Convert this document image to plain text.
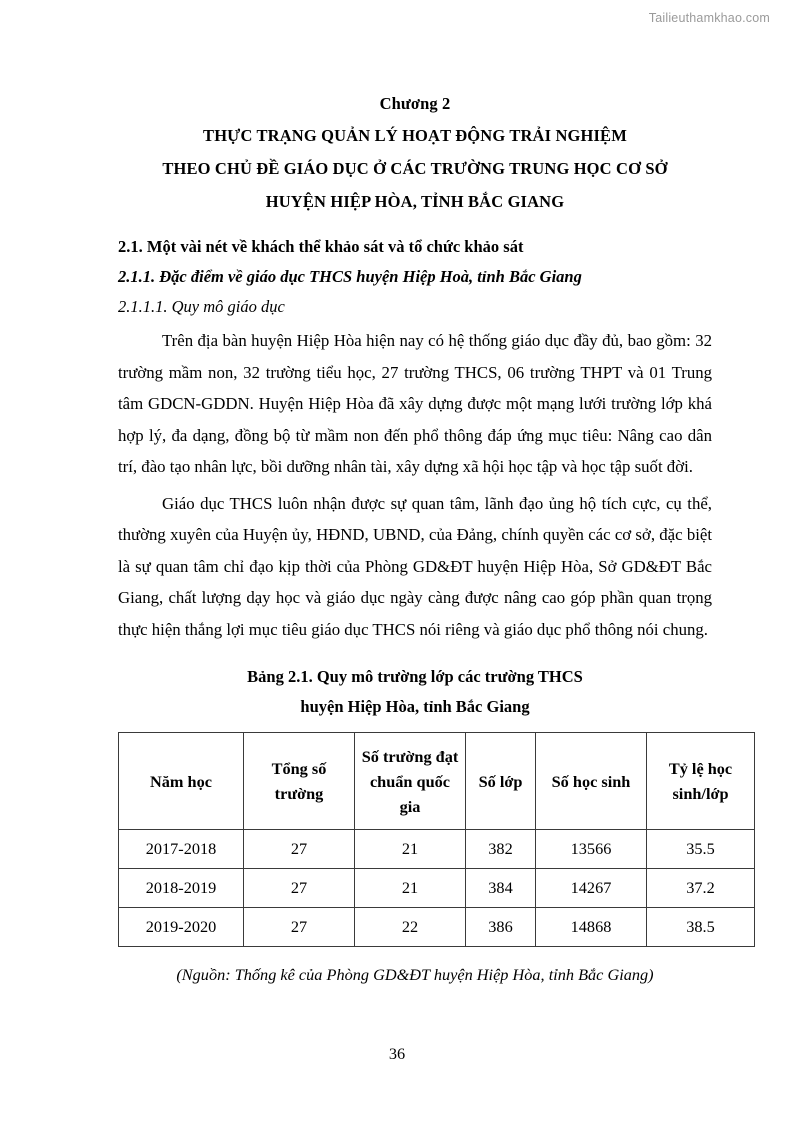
Tailieuthamkhao.com
Chương 2
THỰC TRẠNG QUẢN LÝ HOẠT ĐỘNG TRẢI NGHIỆM
THEO CHỦ ĐỀ GIÁO DỤC Ở CÁC TRƯỜNG TRUNG HỌC CƠ SỞ
HUYỆN HIỆP HÒA, TỈNH BẮC GIANG
2.1. Một vài nét về khách thể khảo sát và tổ chức khảo sát
2.1.1. Đặc điểm về giáo dục THCS huyện Hiệp Hoà, tỉnh Bắc Giang
2.1.1.1. Quy mô giáo dục

Trên địa bàn huyện Hiệp Hòa hiện nay có hệ thống giáo dục đầy đủ, bao gồm: 32 trường mầm non, 32 trường tiểu học, 27 trường THCS, 06 trường THPT và 01 Trung tâm GDCN-GDDN. Huyện Hiệp Hòa đã xây dựng được một mạng lưới trường lớp khá hợp lý, đa dạng, đồng bộ từ mầm non đến phổ thông đáp ứng mục tiêu: Nâng cao dân trí, đào tạo nhân lực, bồi dưỡng nhân tài, xây dựng xã hội học tập và học tập suốt đời.

Giáo dục THCS luôn nhận được sự quan tâm, lãnh đạo ủng hộ tích cực, cụ thể, thường xuyên của Huyện ủy, HĐND, UBND, của Đảng, chính quyền các cơ sở, đặc biệt là sự quan tâm chỉ đạo kịp thời của Phòng GD&ĐT huyện Hiệp Hòa, Sở GD&ĐT Bắc Giang, chất lượng dạy học và giáo dục ngày càng được nâng cao góp phần quan trọng thực hiện thắng lợi mục tiêu giáo dục THCS nói riêng và giáo dục phổ thông nói chung.

Bảng 2.1. Quy mô trường lớp các trường THCS
huyện Hiệp Hòa, tỉnh Bắc Giang
Năm học	Tổng số trường	Số trường đạt chuẩn quốc gia	Số lớp	Số học sinh	Tỷ lệ học sinh/lớp
2017-2018	27	21	382	13566	35.5
2018-2019	27	21	384	14267	37.2
2019-2020	27	22	386	14868	38.5
(Nguồn: Thống kê của Phòng GD&ĐT huyện Hiệp Hòa, tỉnh Bắc Giang)
36
